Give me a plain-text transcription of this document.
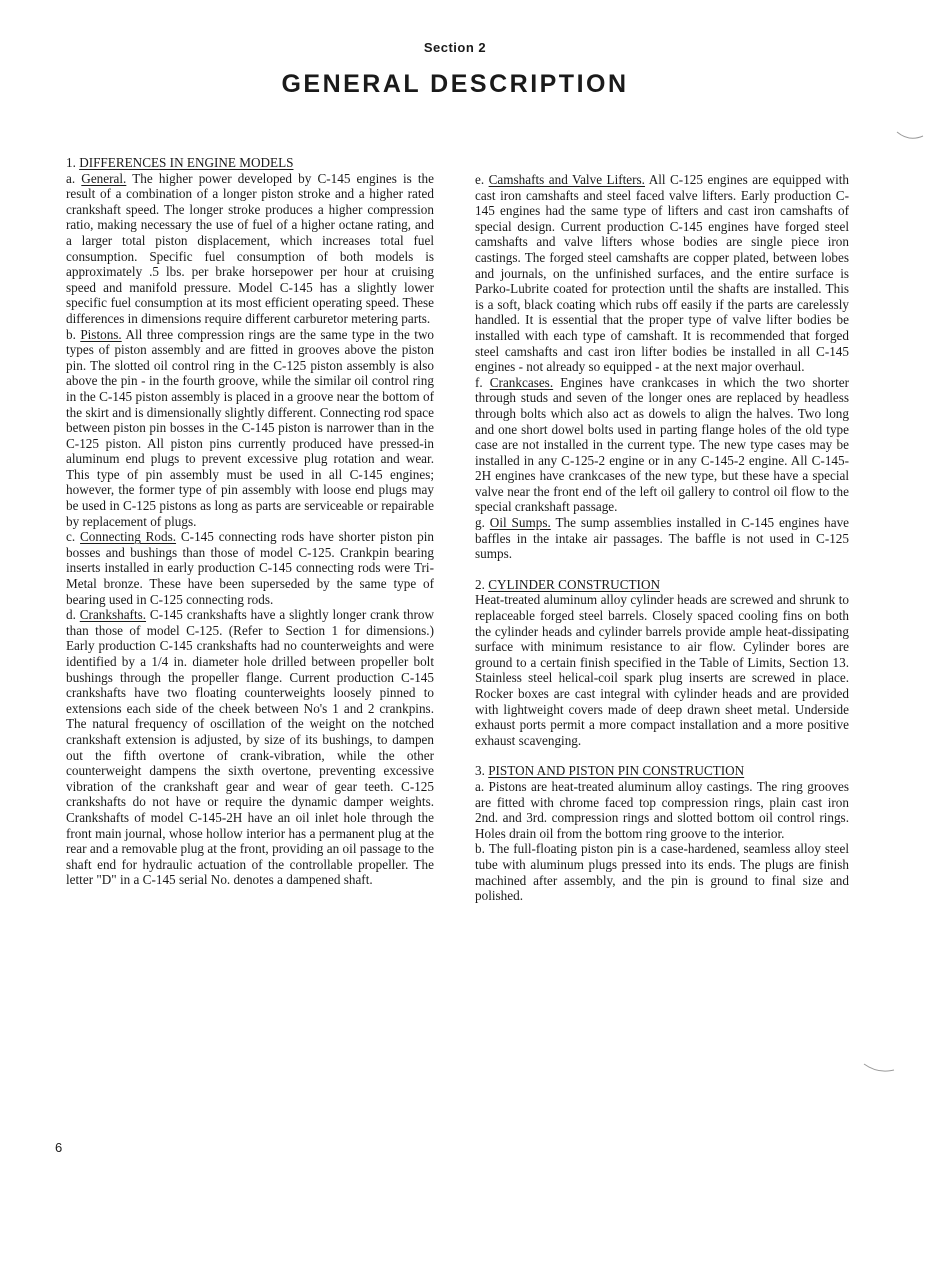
Section 2
GENERAL DESCRIPTION

1. DIFFERENCES IN ENGINE MODELS

a. General. The higher power developed by C-145 engines is the result of a combination of a longer piston stroke and a higher rated crankshaft speed. The longer stroke produces a higher compression ratio, making necessary the use of fuel of a higher octane rating, and a larger total piston displacement, which increases total fuel consumption. Specific fuel consumption of both models is approximately .5 lbs. per brake horsepower per hour at cruising speed and manifold pressure. Model C-145 has a slightly lower specific fuel consumption at its most efficient operating speed. These differences in dimensions require different carburetor metering parts.

b. Pistons. All three compression rings are the same type in the two types of piston assembly and are fitted in grooves above the piston pin. The slotted oil control ring in the C-125 piston assembly is also above the pin - in the fourth groove, while the similar oil control ring in the C-145 piston assembly is placed in a groove near the bottom of the skirt and is dimensionally slightly different. Connecting rod space between piston pin bosses in the C-145 piston is narrower than in the C-125 piston. All piston pins currently produced have pressed-in aluminum end plugs to prevent excessive plug rotation and wear. This type of pin assembly must be used in all C-145 engines; however, the former type of pin assembly with loose end plugs may be used in C-125 pistons as long as parts are serviceable or repairable by replacement of plugs.

c. Connecting Rods. C-145 connecting rods have shorter piston pin bosses and bushings than those of model C-125. Crankpin bearing inserts installed in early production C-145 connecting rods were Tri-Metal bronze. These have been superseded by the same type of bearing used in C-125 connecting rods.

d. Crankshafts. C-145 crankshafts have a slightly longer crank throw than those of model C-125. (Refer to Section 1 for dimensions.) Early production C-145 crankshafts had no counterweights and were identified by a 1/4 in. diameter hole drilled between propeller bolt bushings through the propeller flange. Current production C-145 crankshafts have two floating counterweights loosely pinned to extensions each side of the cheek between No's 1 and 2 crankpins. The natural frequency of oscillation of the weight on the notched crankshaft extension is adjusted, by size of its bushings, to dampen out the fifth overtone of crank-vibration, while the other counterweight dampens the sixth overtone, preventing excessive vibration of the crankshaft gear and wear of gear teeth. C-125 crankshafts do not have or require the dynamic damper weights. Crankshafts of model C-145-2H have an oil inlet hole through the front main journal, whose hollow interior has a permanent plug at the rear and a removable plug at the front, providing an oil passage to the shaft end for hydraulic actuation of the controllable propeller. The letter "D" in a C-145 serial No. denotes a dampened shaft.

e. Camshafts and Valve Lifters. All C-125 engines are equipped with cast iron camshafts and steel faced valve lifters. Early production C-145 engines had the same type of lifters and cast iron camshafts of special design. Current production C-145 engines have forged steel camshafts and valve lifters whose bodies are single piece iron castings. The forged steel camshafts are copper plated, between lobes and journals, on the unfinished surfaces, and the entire surface is Parko-Lubrite coated for protection until the shafts are installed. This is a soft, black coating which rubs off easily if the parts are carelessly handled. It is essential that the proper type of valve lifter bodies be installed with each type of camshaft. It is recommended that forged steel camshafts and cast iron lifter bodies be installed in all C-145 engines - not already so equipped - at the next major overhaul.

f. Crankcases. Engines have crankcases in which the two shorter through studs and seven of the longer ones are replaced by headless through bolts which also act as dowels to align the halves. Two long and one short dowel bolts used in parting flange holes of the old type case are not installed in the current type. The new type cases may be installed in any C-125-2 engine or in any C-145-2 engine. All C-145-2H engines have crankcases of the new type, but these have a special valve near the front end of the left oil gallery to control oil flow to the special crankshaft passage.

g. Oil Sumps. The sump assemblies installed in C-145 engines have baffles in the intake air passages. The baffle is not used in C-125 sumps.

2. CYLINDER CONSTRUCTION

Heat-treated aluminum alloy cylinder heads are screwed and shrunk to replaceable forged steel barrels. Closely spaced cooling fins on both the cylinder heads and cylinder barrels provide ample heat-dissipating surface with minimum resistance to air flow. Cylinder bores are ground to a certain finish specified in the Table of Limits, Section 13. Stainless steel helical-coil spark plug inserts are screwed in place. Rocker boxes are cast integral with cylinder heads and are provided with lightweight covers made of deep drawn sheet metal. Underside exhaust ports permit a more compact installation and a more positive exhaust scavenging.

3. PISTON AND PISTON PIN CONSTRUCTION

a. Pistons are heat-treated aluminum alloy castings. The ring grooves are fitted with chrome faced top compression rings, plain cast iron 2nd. and 3rd. compression rings and slotted bottom oil control rings. Holes drain oil from the bottom ring groove to the interior.

b. The full-floating piston pin is a case-hardened, seamless alloy steel tube with aluminum plugs pressed into its ends. The plugs are finish machined after assembly, and the pin is ground to final size and polished.

6
